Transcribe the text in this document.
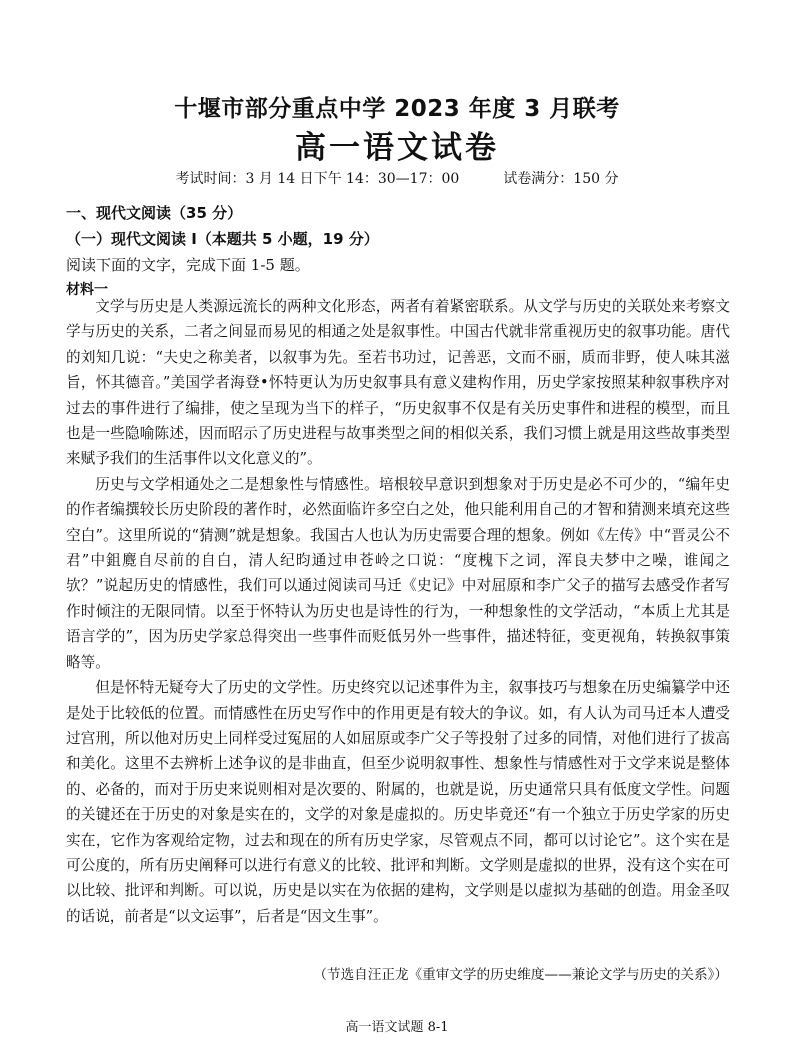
十堰市部分重点中学 2023 年度 3 月联考
高一语文试卷
考试时间：3 月 14 日下午 14：30—17：00	试卷满分：150 分
一、现代文阅读（35 分）
（一）现代文阅读 I（本题共 5 小题，19 分）
阅读下面的文字，完成下面 1-5 题。
材料一

文学与历史是人类源远流长的两种文化形态，两者有着紧密联系。从文学与历史的关联处来考察文学与历史的关系，二者之间显而易见的相通之处是叙事性。中国古代就非常重视历史的叙事功能。唐代的刘知几说：“夫史之称美者，以叙事为先。至若书功过，记善恶，文而不丽，质而非野，使人味其滋旨，怀其德音。”美国学者海登•怀特更认为历史叙事具有意义建构作用，历史学家按照某种叙事秩序对过去的事件进行了编排，使之呈现为当下的样子，“历史叙事不仅是有关历史事件和进程的模型，而且也是一些隐喻陈述，因而昭示了历史进程与故事类型之间的相似关系，我们习惯上就是用这些故事类型来赋予我们的生活事件以文化意义的”。

历史与文学相通处之二是想象性与情感性。培根较早意识到想象对于历史是必不可少的，“编年史的作者编撰较长历史阶段的著作时，必然面临许多空白之处，他只能利用自己的才智和猜测来填充这些空白”。这里所说的“猜测”就是想象。我国古人也认为历史需要合理的想象。例如《左传》中“晋灵公不君”中鉏麑自尽前的自白，清人纪昀通过申苍岭之口说：“度槐下之词，浑良夫梦中之噪，谁闻之欤？”说起历史的情感性，我们可以通过阅读司马迁《史记》中对屈原和李广父子的描写去感受作者写作时倾注的无限同情。以至于怀特认为历史也是诗性的行为，一种想象性的文学活动，“本质上尤其是语言学的”，因为历史学家总得突出一些事件而贬低另外一些事件，描述特征，变更视角，转换叙事策略等。

但是怀特无疑夸大了历史的文学性。历史终究以记述事件为主，叙事技巧与想象在历史编纂学中还是处于比较低的位置。而情感性在历史写作中的作用更是有较大的争议。如，有人认为司马迁本人遭受过宫刑，所以他对历史上同样受过冤屈的人如屈原或李广父子等投射了过多的同情，对他们进行了拔高和美化。这里不去辨析上述争议的是非曲直，但至少说明叙事性、想象性与情感性对于文学来说是整体的、必备的，而对于历史来说则相对是次要的、附属的，也就是说，历史通常只具有低度文学性。问题的关键还在于历史的对象是实在的，文学的对象是虚拟的。历史毕竟还“有一个独立于历史学家的历史实在，它作为客观给定物，过去和现在的所有历史学家，尽管观点不同，都可以讨论它”。这个实在是可公度的，所有历史阐释可以进行有意义的比较、批评和判断。文学则是虚拟的世界，没有这个实在可以比较、批评和判断。可以说，历史是以实在为依据的建构，文学则是以虚拟为基础的创造。用金圣叹的话说，前者是“以文运事”，后者是“因文生事”。

（节选自汪正龙《重审文学的历史维度——兼论文学与历史的关系》）
高一语文试题 8-1
